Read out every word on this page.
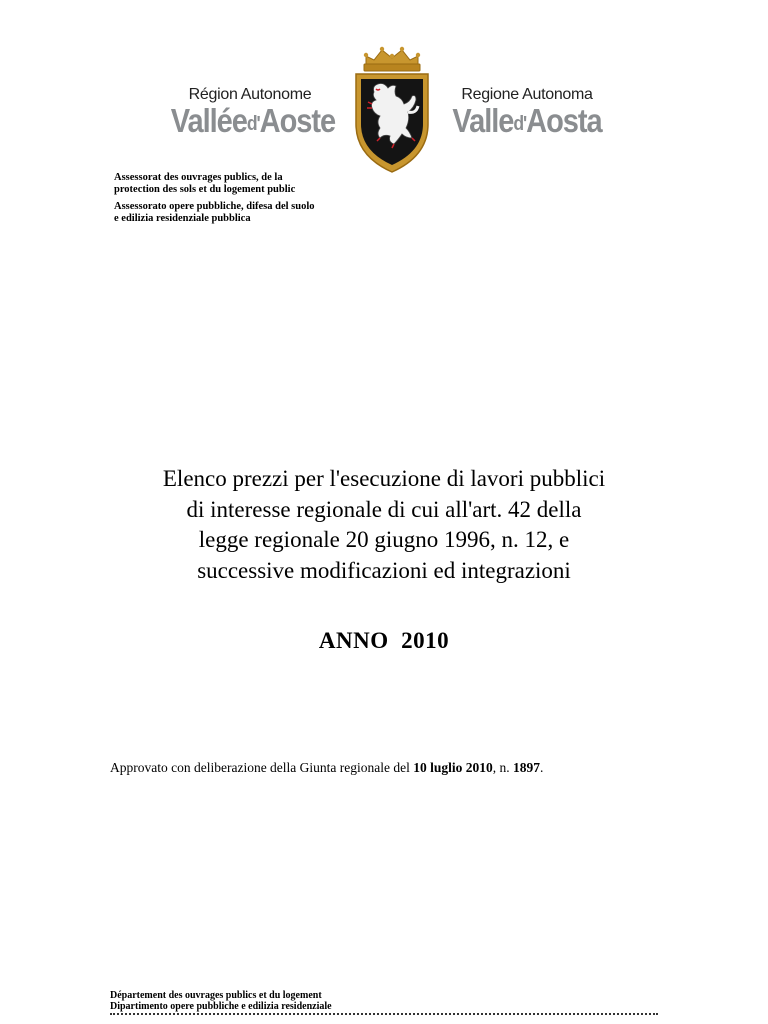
Région Autonome
Valléed'Aoste
Regione Autonoma
Valled'Aosta

Assessorat des ouvrages publics, de la

protection des sols et du logement public

Assessorato opere pubbliche, difesa del suolo

e edilizia residenziale pubblica

Elenco prezzi per l'esecuzione di lavori pubblici
di interesse regionale di cui all'art. 42 della
legge regionale 20 giugno 1996, n. 12, e
successive modificazioni ed integrazioni
ANNO  2010
Approvato con deliberazione della Giunta regionale del 10 luglio 2010, n. 1897.

Département des ouvrages publics et du logement

Dipartimento opere pubbliche e edilizia residenziale
